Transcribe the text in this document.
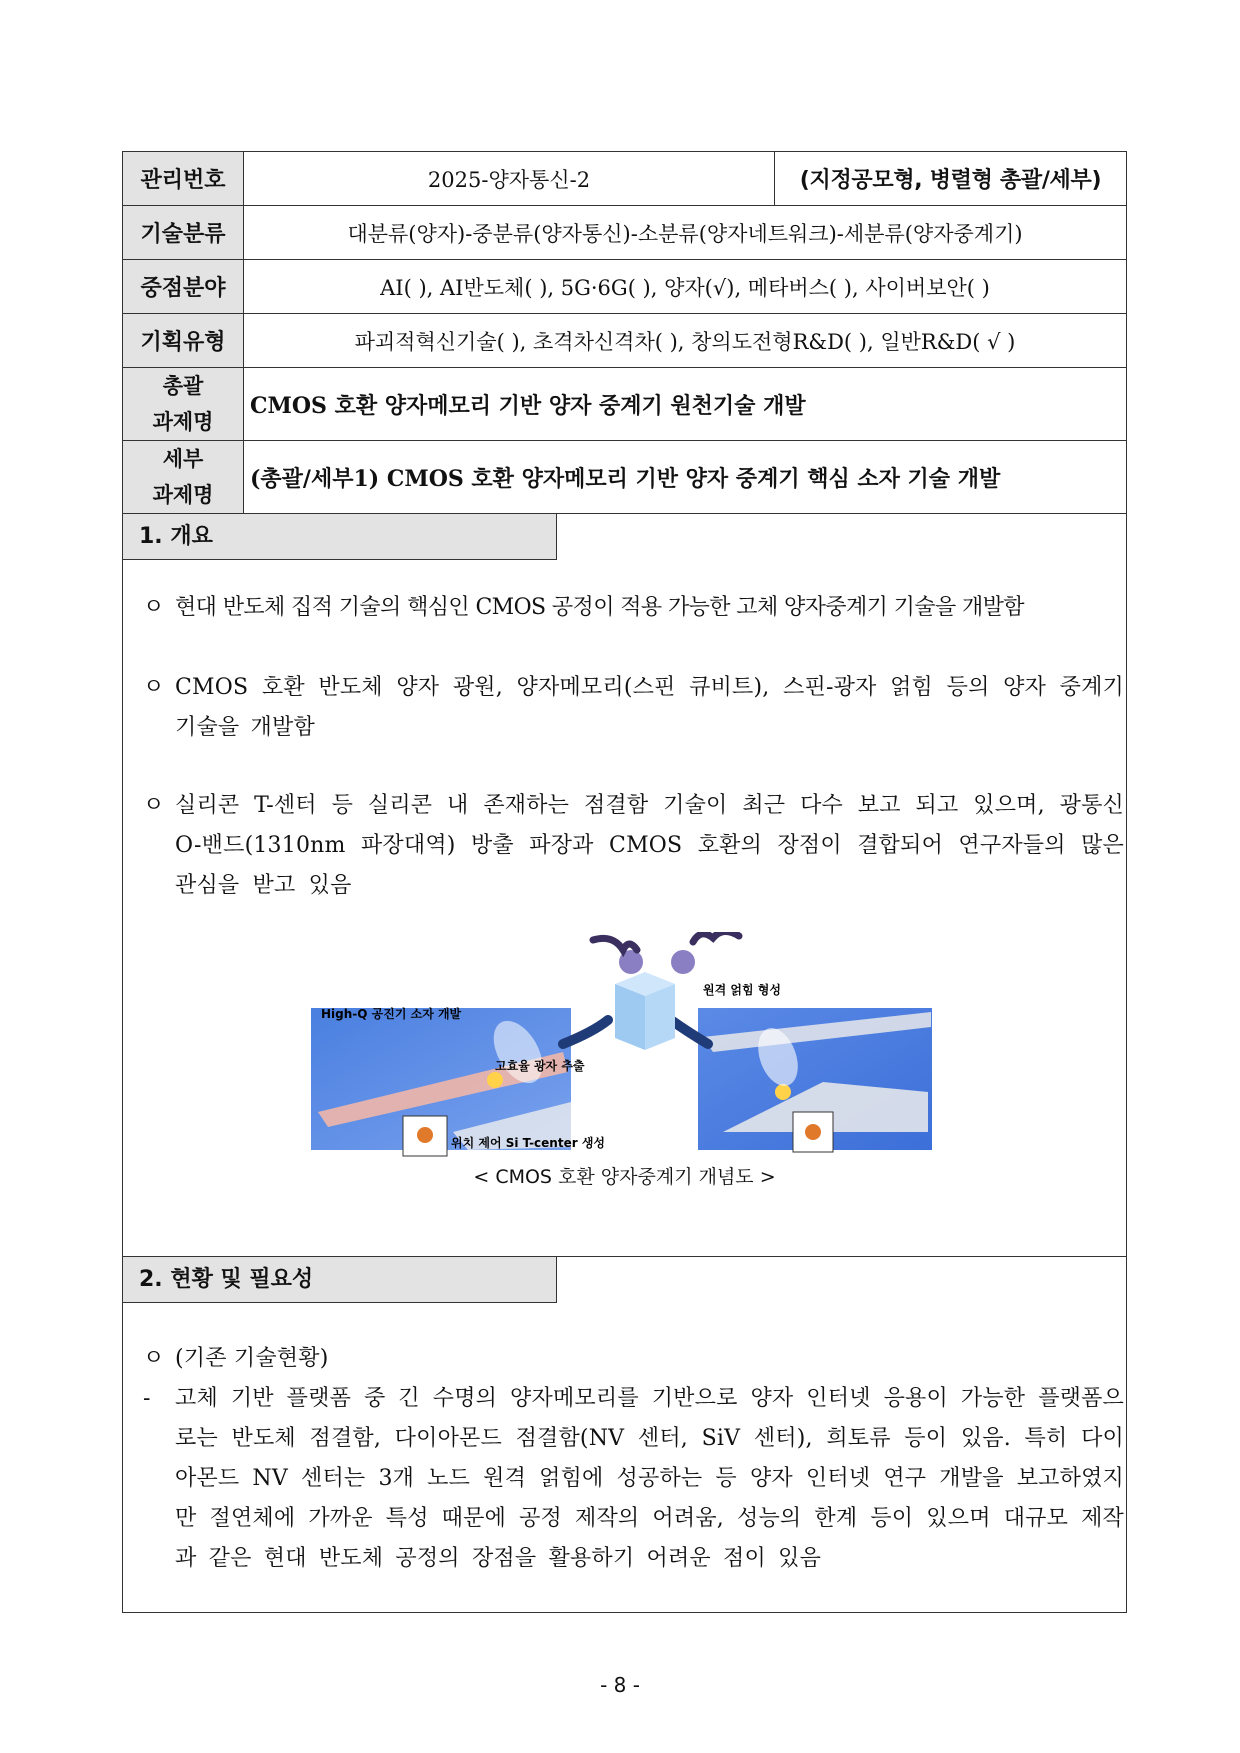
관리번호	2025-양자통신-2	(지정공모형, 병렬형 총괄/세부)
기술분류	대분류(양자)-중분류(양자통신)-소분류(양자네트워크)-세분류(양자중계기)	
중점분야	AI( ), AI반도체( ), 5G·6G( ), 양자(√), 메타버스( ), 사이버보안( )	
기획유형	파괴적혁신기술( ), 초격차신격차( ), 창의도전형R&D( ), 일반R&D( √ )	

총괄
과제명	CMOS 호환 양자메모리 기반 양자 중계기 원천기술 개발	

세부
과제명	(총괄/세부1) CMOS 호환 양자메모리 기반 양자 중계기 핵심 소자 기술 개발	
1. 개요
ㅇ 현대 반도체 집적 기술의 핵심인 CMOS 공정이 적용 가능한 고체 양자중계기 기술을 개발함
ㅇ CMOS 호환 반도체 양자 광원, 양자메모리(스핀 큐비트), 스핀-광자 얽힘 등의 양자 중계기 기술을 개발함
ㅇ 실리콘 T-센터 등 실리콘 내 존재하는 점결함 기술이 최근 다수 보고 되고 있으며, 광통신 O-밴드(1310nm 파장대역) 방출 파장과 CMOS 호환의 장점이 결합되어 연구자들의 많은 관심을 받고 있음
원격 얽힘 형성
High-Q 공진기 소자 개발
고효율 광자 추출
위치 제어 Si T-center 생성
< CMOS 호환 양자중계기 개념도 >
2. 현황 및 필요성
ㅇ (기존 기술현황)
- 고체 기반 플랫폼 중 긴 수명의 양자메모리를 기반으로 양자 인터넷 응용이 가능한 플랫폼으로는 반도체 점결함, 다이아몬드 점결함(NV 센터, SiV 센터), 희토류 등이 있음. 특히 다이아몬드 NV 센터는 3개 노드 원격 얽힘에 성공하는 등 양자 인터넷 연구 개발을 보고하였지만 절연체에 가까운 특성 때문에 공정 제작의 어려움, 성능의 한계 등이 있으며 대규모 제작과 같은 현대 반도체 공정의 장점을 활용하기 어려운 점이 있음
- 8 -
